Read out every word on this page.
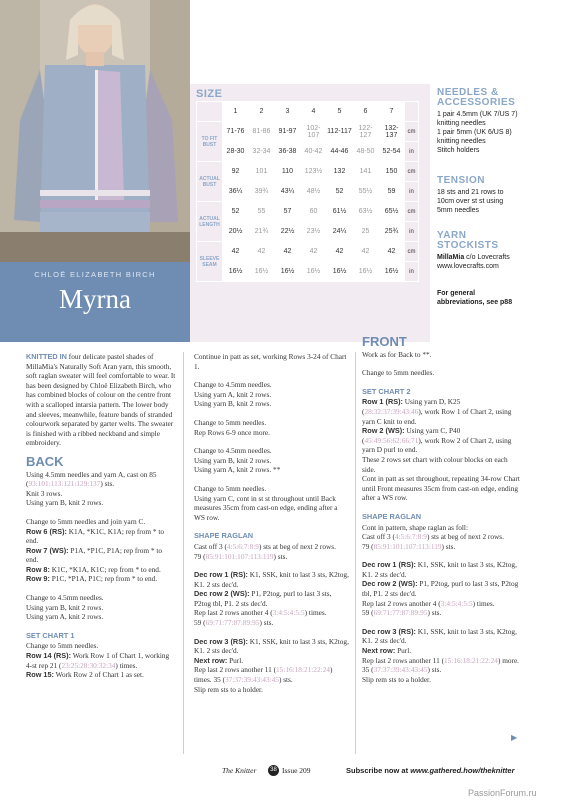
CHLOË ELIZABETH BIRCH
Myrna
SIZE
	1	2	3	4	5	6	7	
TO FIT BUST	71-76	81-86	91-97	102-107	112-117	122-127	132-137	cm
	28-30	32-34	36-38	40-42	44-46	48-50	52-54	in
ACTUAL BUST	92	101	110	123½	132	141	150	cm
	36¼	39¾	43¼	48½	52	55½	59	in
ACTUAL LENGTH	52	55	57	60	61½	63½	65½	cm
	20½	21¾	22½	23½	24¼	25	25¾	in
SLEEVE SEAM	42	42	42	42	42	42	42	cm
	16½	16½	16½	16½	16½	16½	16½	in
NEEDLES &
ACCESSORIES
1 pair 4.5mm (UK 7/US 7)
knitting needles
1 pair 5mm (UK 6/US 8)
knitting needles
Stitch holders
TENSION
18 sts and 21 rows to
10cm over st st using
5mm needles
YARN
STOCKISTS
MillaMia c/o Lovecrafts
www.lovecrafts.com
For general
abbreviations, see p88

KNITTED IN four delicate pastel shades of MillaMia's Naturally Soft Aran yarn, this smooth, soft raglan sweater will feel comfortable to wear. It has been designed by Chloë Elizabeth Birch, who has combined blocks of colour on the centre front with a scalloped intarsia pattern. The lower body and sleeves, meanwhile, feature bands of stranded colourwork separated by garter welts. The sweater is finished with a ribbed neckband and simple embroidery.

BACK

Using 4.5mm needles and yarn A, cast on 85 (93:101:113:121:129:137) sts.
Knit 3 rows.
Using yarn B, knit 2 rows.

Change to 5mm needles and join yarn C.
Row 6 (RS): K1A, *K1C, K1A; rep from * to end.
Row 7 (WS): P1A, *P1C, P1A; rep from * to end.
Row 8: K1C, *K1A, K1C; rep from * to end.
Row 9: P1C, *P1A, P1C; rep from * to end.

Change to 4.5mm needles.
Using yarn B, knit 2 rows.
Using yarn A, knit 2 rows.

SET CHART 1

Change to 5mm needles.
Row 14 (RS): Work Row 1 of Chart 1, working 4-st rep 21 (23:25:28:30:32:34) times.
Row 15: Work Row 2 of Chart 1 as set.

Continue in patt as set, working Rows 3-24 of Chart 1.

Change to 4.5mm needles.
Using yarn A, knit 2 rows.
Using yarn B, knit 2 rows.

Change to 5mm needles.
Rep Rows 6-9 once more.

Change to 4.5mm needles.
Using yarn B, knit 2 rows.
Using yarn A, knit 2 rows. **

Change to 5mm needles.
Using yarn C, cont in st st throughout until Back measures 35cm from cast-on edge, ending after a WS row.

SHAPE RAGLAN

Cast off 3 (4:5:6:7:8:9) sts at beg of next 2 rows.
79 (85:91:101:107:113:119) sts.

Dec row 1 (RS): K1, SSK, knit to last 3 sts, K2tog, K1. 2 sts dec'd.
Dec row 2 (WS): P1, P2tog, purl to last 3 sts, P2tog tbl, P1. 2 sts dec'd.
Rep last 2 rows another 4 (3:4:5:4:5:5) times.
59 (69:71:77:87:89:95) sts.

Dec row 3 (RS): K1, SSK, knit to last 3 sts, K2tog, K1. 2 sts dec'd.
Next row: Purl.
Rep last 2 rows another 11 (15:16:18:21:22:24) times. 35 (37:37:39:43:43:45) sts.
Slip rem sts to a holder.

FRONT

Work as for Back to **.

Change to 5mm needles.

SET CHART 2

Row 1 (RS): Using yarn D, K25 (28:32:37:39:43:46), work Row 1 of Chart 2, using yarn C knit to end.
Row 2 (WS): Using yarn C, P40 (45:49:56:62:66:71), work Row 2 of Chart 2, using yarn D purl to end.
These 2 rows set chart with colour blocks on each side.
Cont in patt as set throughout, repeating 34-row Chart until Front measures 35cm from cast-on edge, ending after a WS row.

SHAPE RAGLAN

Cont in pattern, shape raglan as foll:
Cast off 3 (4:5:6:7:8:9) sts at beg of next 2 rows.
79 (85:91:101:107:113:119) sts.

Dec row 1 (RS): K1, SSK, knit to last 3 sts, K2tog, K1. 2 sts dec'd.
Dec row 2 (WS): P1, P2tog, purl to last 3 sts, P2tog tbl, P1. 2 sts dec'd.
Rep last 2 rows another 4 (3:4:5:4:5:5) times.
59 (69:71:77:87:89:95) sts.

Dec row 3 (RS): K1, SSK, knit to last 3 sts, K2tog, K1. 2 sts dec'd.
Next row: Purl.
Rep last 2 rows another 11 (15:16:18:21:22:24) more. 35 (37:37:39:43:43:45) sts.
Slip rem sts to a holder.

▶
The Knitter	38 Issue 209	Subscribe now at www.gathered.how/theknitter
PassionForum.ru
